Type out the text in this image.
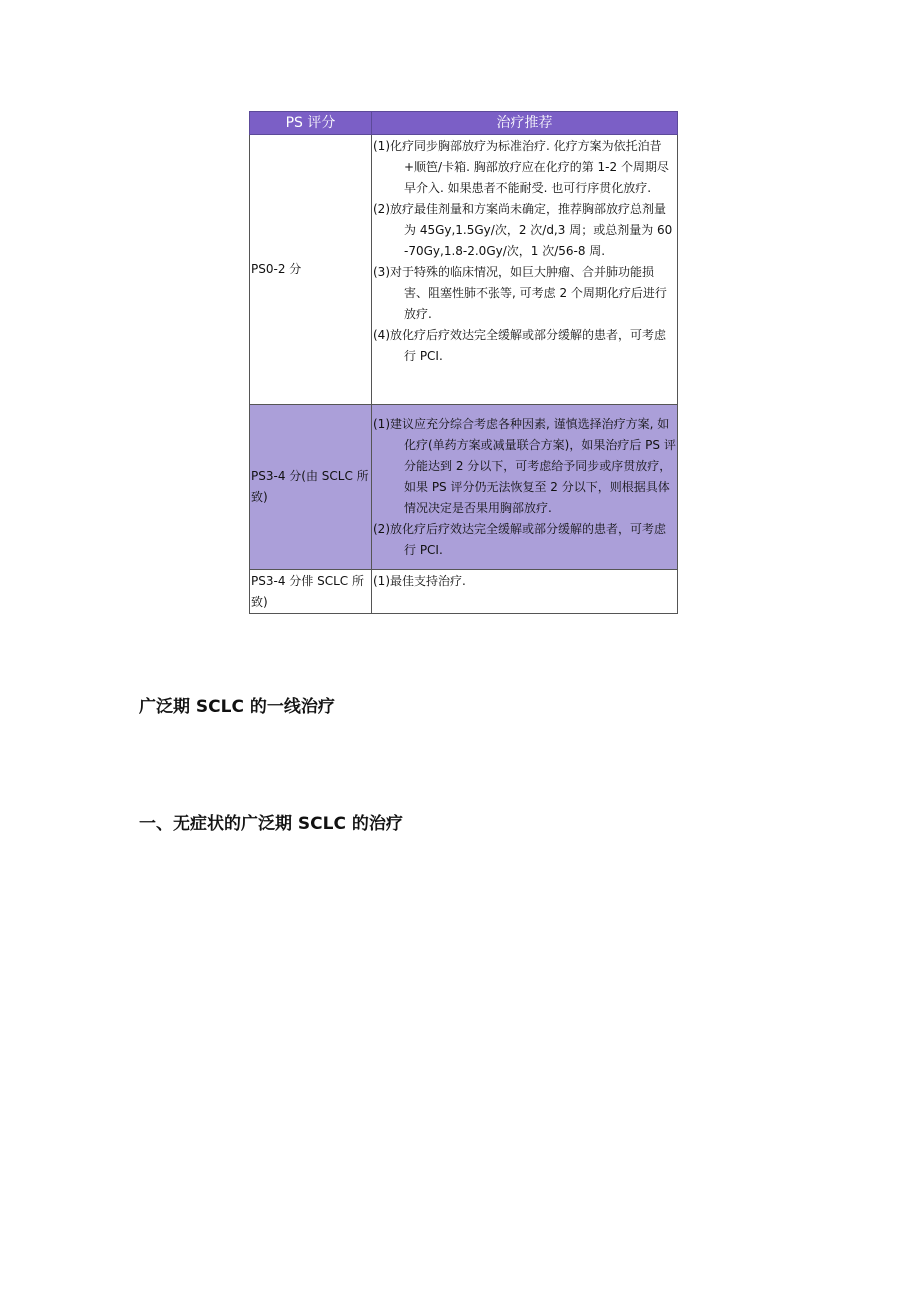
PS 评分	治疗推荐
PS0-2 分	(1)化疗同步胸部放疗为标准治疗. 化疗方案为依托泊昔+顺笆/卡箱. 胸部放疗应在化疗的第 1-2 个周期尽早介入. 如果患者不能耐受. 也可行序贯化放疗.

(2)放疗最佳剂量和方案尚未确定，推荐胸部放疗总剂量为 45Gy,1.5Gy/次，2 次/d,3 周；或总剂量为 60-70Gy,1.8-2.0Gy/次，1 次/56-8 周.

(3)对于特殊的临床情况，如巨大肿瘤、合并肺功能损害、阻塞性肺不张等, 可考虑 2 个周期化疗后进行放疗.

(4)放化疗后疗效达完全缓解或部分缓解的患者，可考虑行 PCI.

PS3-4 分(由 SCLC 所致)	(1)建议应充分综合考虑各种因素, 谨慎选择治疗方案, 如化疗(单药方案或减量联合方案)，如果治疗后 PS 评分能达到 2 分以下，可考虑给予同步或序贯放疗，如果 PS 评分仍无法恢复至 2 分以下，则根据具体情况决定是否果用胸部放疗.

(2)放化疗后疗效达完全缓解或部分缓解的患者，可考虑行 PCI.

PS3-4 分俳 SCLC 所致)	(1)最佳支持治疗.

广泛期 SCLC 的一线治疗
一、无症状的广泛期 SCLC 的治疗
